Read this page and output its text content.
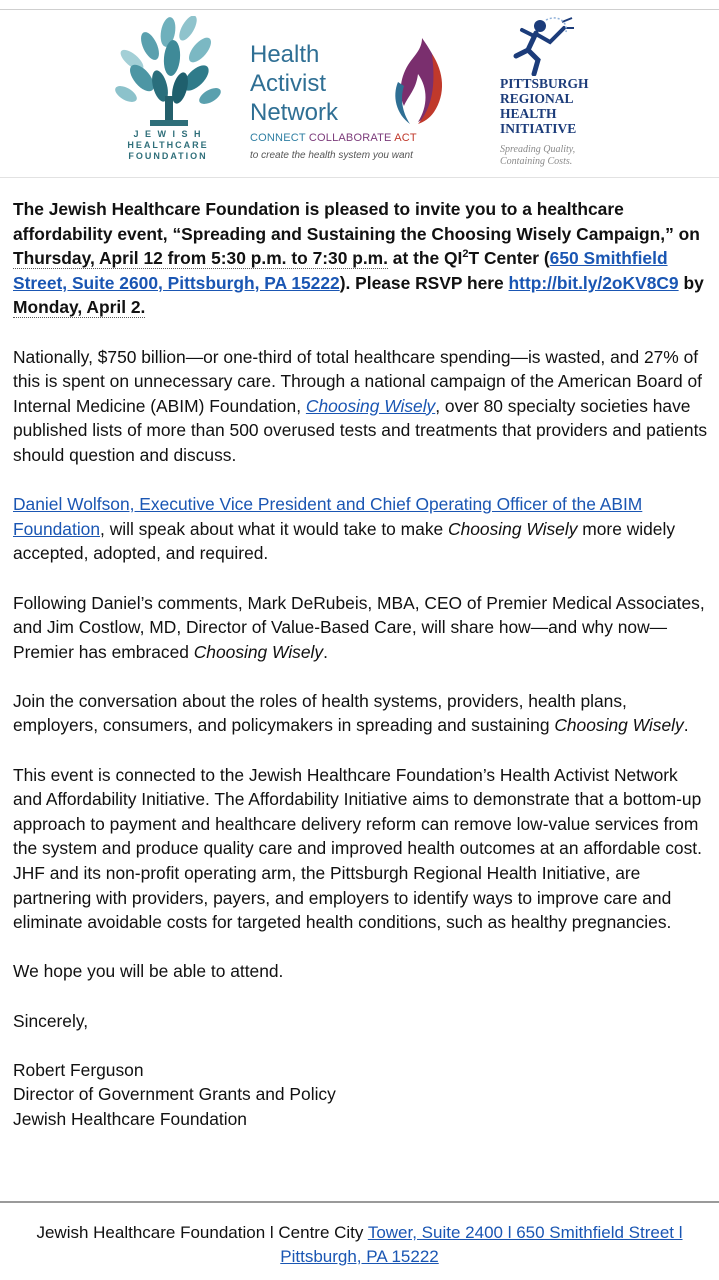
J E W I S H
HEALTHCARE
FOUNDATION
Health
Activist
Network
CONNECT COLLABORATE ACT
to create the health system you want
PITTSBURGH
REGIONAL
HEALTH
INITIATIVE
Spreading Quality,
Containing Costs.

The Jewish Healthcare Foundation is pleased to invite you to a healthcare affordability event, “Spreading and Sustaining the Choosing Wisely Campaign,” on Thursday, April 12 from 5:30 p.m. to 7:30 p.m. at the $QI^2T$ Center (650 Smithfield Street, Suite 2600, Pittsburgh, PA 15222). Please RSVP here http://bit.ly/2oKV8C9 by Monday, April 2.

Nationally, $750 billion—or one-third of total healthcare spending—is wasted, and 27% of this is spent on unnecessary care. Through a national campaign of the American Board of Internal Medicine (ABIM) Foundation, Choosing Wisely, over 80 specialty societies have published lists of more than 500 overused tests and treatments that providers and patients should question and discuss.

Daniel Wolfson, Executive Vice President and Chief Operating Officer of the ABIM Foundation, will speak about what it would take to make Choosing Wisely more widely accepted, adopted, and required.

Following Daniel’s comments, Mark DeRubeis, MBA, CEO of Premier Medical Associates, and Jim Costlow, MD, Director of Value-Based Care, will share how—and why now—Premier has embraced Choosing Wisely.

Join the conversation about the roles of health systems, providers, health plans, employers, consumers, and policymakers in spreading and sustaining Choosing Wisely.

This event is connected to the Jewish Healthcare Foundation’s Health Activist Network and Affordability Initiative. The Affordability Initiative aims to demonstrate that a bottom-up approach to payment and healthcare delivery reform can remove low-value services from the system and produce quality care and improved health outcomes at an affordable cost. JHF and its non-profit operating arm, the Pittsburgh Regional Health Initiative, are partnering with providers, payers, and employers to identify ways to improve care and eliminate avoidable costs for targeted health conditions, such as healthy pregnancies.

We hope you will be able to attend.

Sincerely,

Robert Ferguson
Director of Government Grants and Policy
Jewish Healthcare Foundation
Jewish Healthcare Foundation l Centre City Tower, Suite 2400 l 650 Smithfield Street l Pittsburgh, PA 15222
